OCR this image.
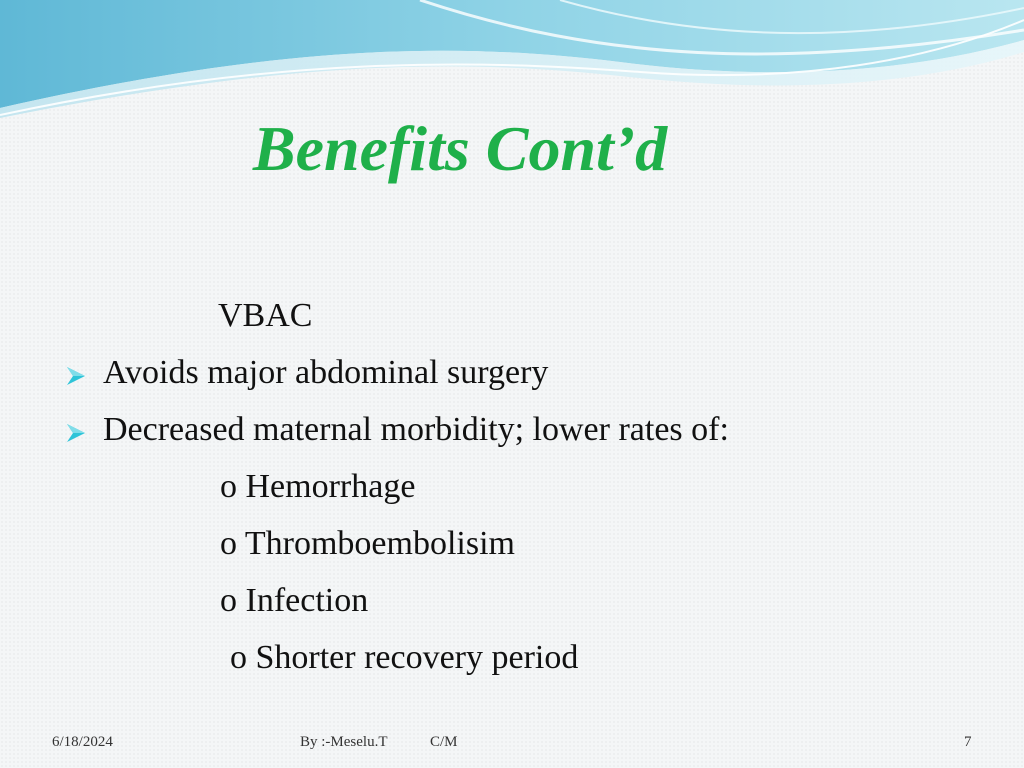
Benefits Cont’d
VBAC
Avoids major abdominal surgery
Decreased maternal morbidity; lower rates of:
o Hemorrhage
o Thromboembolisim
o Infection
o Shorter recovery period
6/18/2024	By :-Meselu.T	C/M	7
